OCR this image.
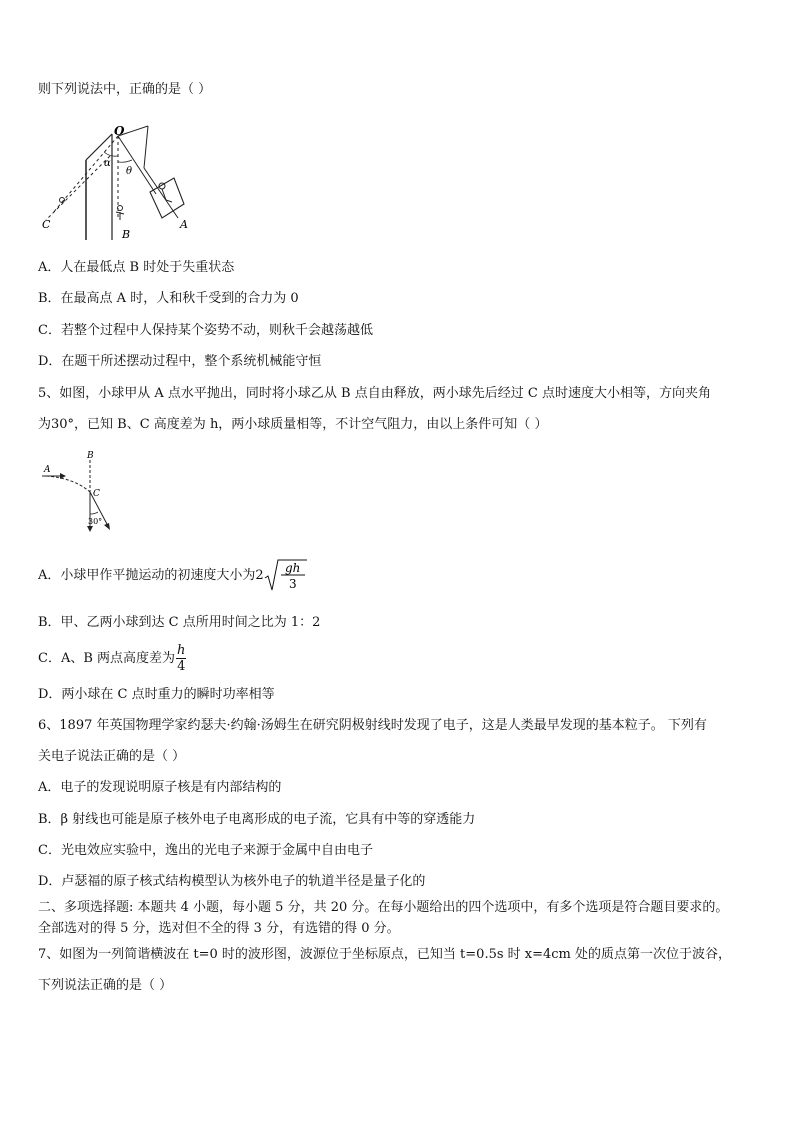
则下列说法中，正确的是（ ）
O
θ
α
A
B
C
A．人在最低点 B 时处于失重状态
B．在最高点 A 时，人和秋千受到的合力为 0
C．若整个过程中人保持某个姿势不动，则秋千会越荡越低
D．在题干所述摆动过程中，整个系统机械能守恒
5、如图，小球甲从 A 点水平抛出，同时将小球乙从 B 点自由释放，两小球先后经过 C 点时速度大小相等，方向夹角
为30°，已知 B、C 高度差为 h，两小球质量相等，不计空气阻力，由以上条件可知（ ）
A
B
C
30°
A．小球甲作平抛运动的初速度大小为2 gh
3
B．甲、乙两小球到达 C 点所用时间之比为 1：2
C．A、B 两点高度差为 $\frac{h}{4}$
D．两小球在 C 点时重力的瞬时功率相等
6、1897 年英国物理学家约瑟夫·约翰·汤姆生在研究阴极射线时发现了电子，这是人类最早发现的基本粒子。 下列有
关电子说法正确的是（ ）
A．电子的发现说明原子核是有内部结构的
B．β 射线也可能是原子核外电子电离形成的电子流，它具有中等的穿透能力
C．光电效应实验中，逸出的光电子来源于金属中自由电子
D．卢瑟福的原子核式结构模型认为核外电子的轨道半径是量子化的
二、多项选择题: 本题共 4 小题，每小题 5 分，共 20 分。在每小题给出的四个选项中，有多个选项是符合题目要求的。
全部选对的得 5 分，选对但不全的得 3 分，有选错的得 0 分。
7、如图为一列简谐横波在 t=0 时的波形图，波源位于坐标原点，已知当 t=0.5s 时 x=4cm 处的质点第一次位于波谷，
下列说法正确的是（ ）
